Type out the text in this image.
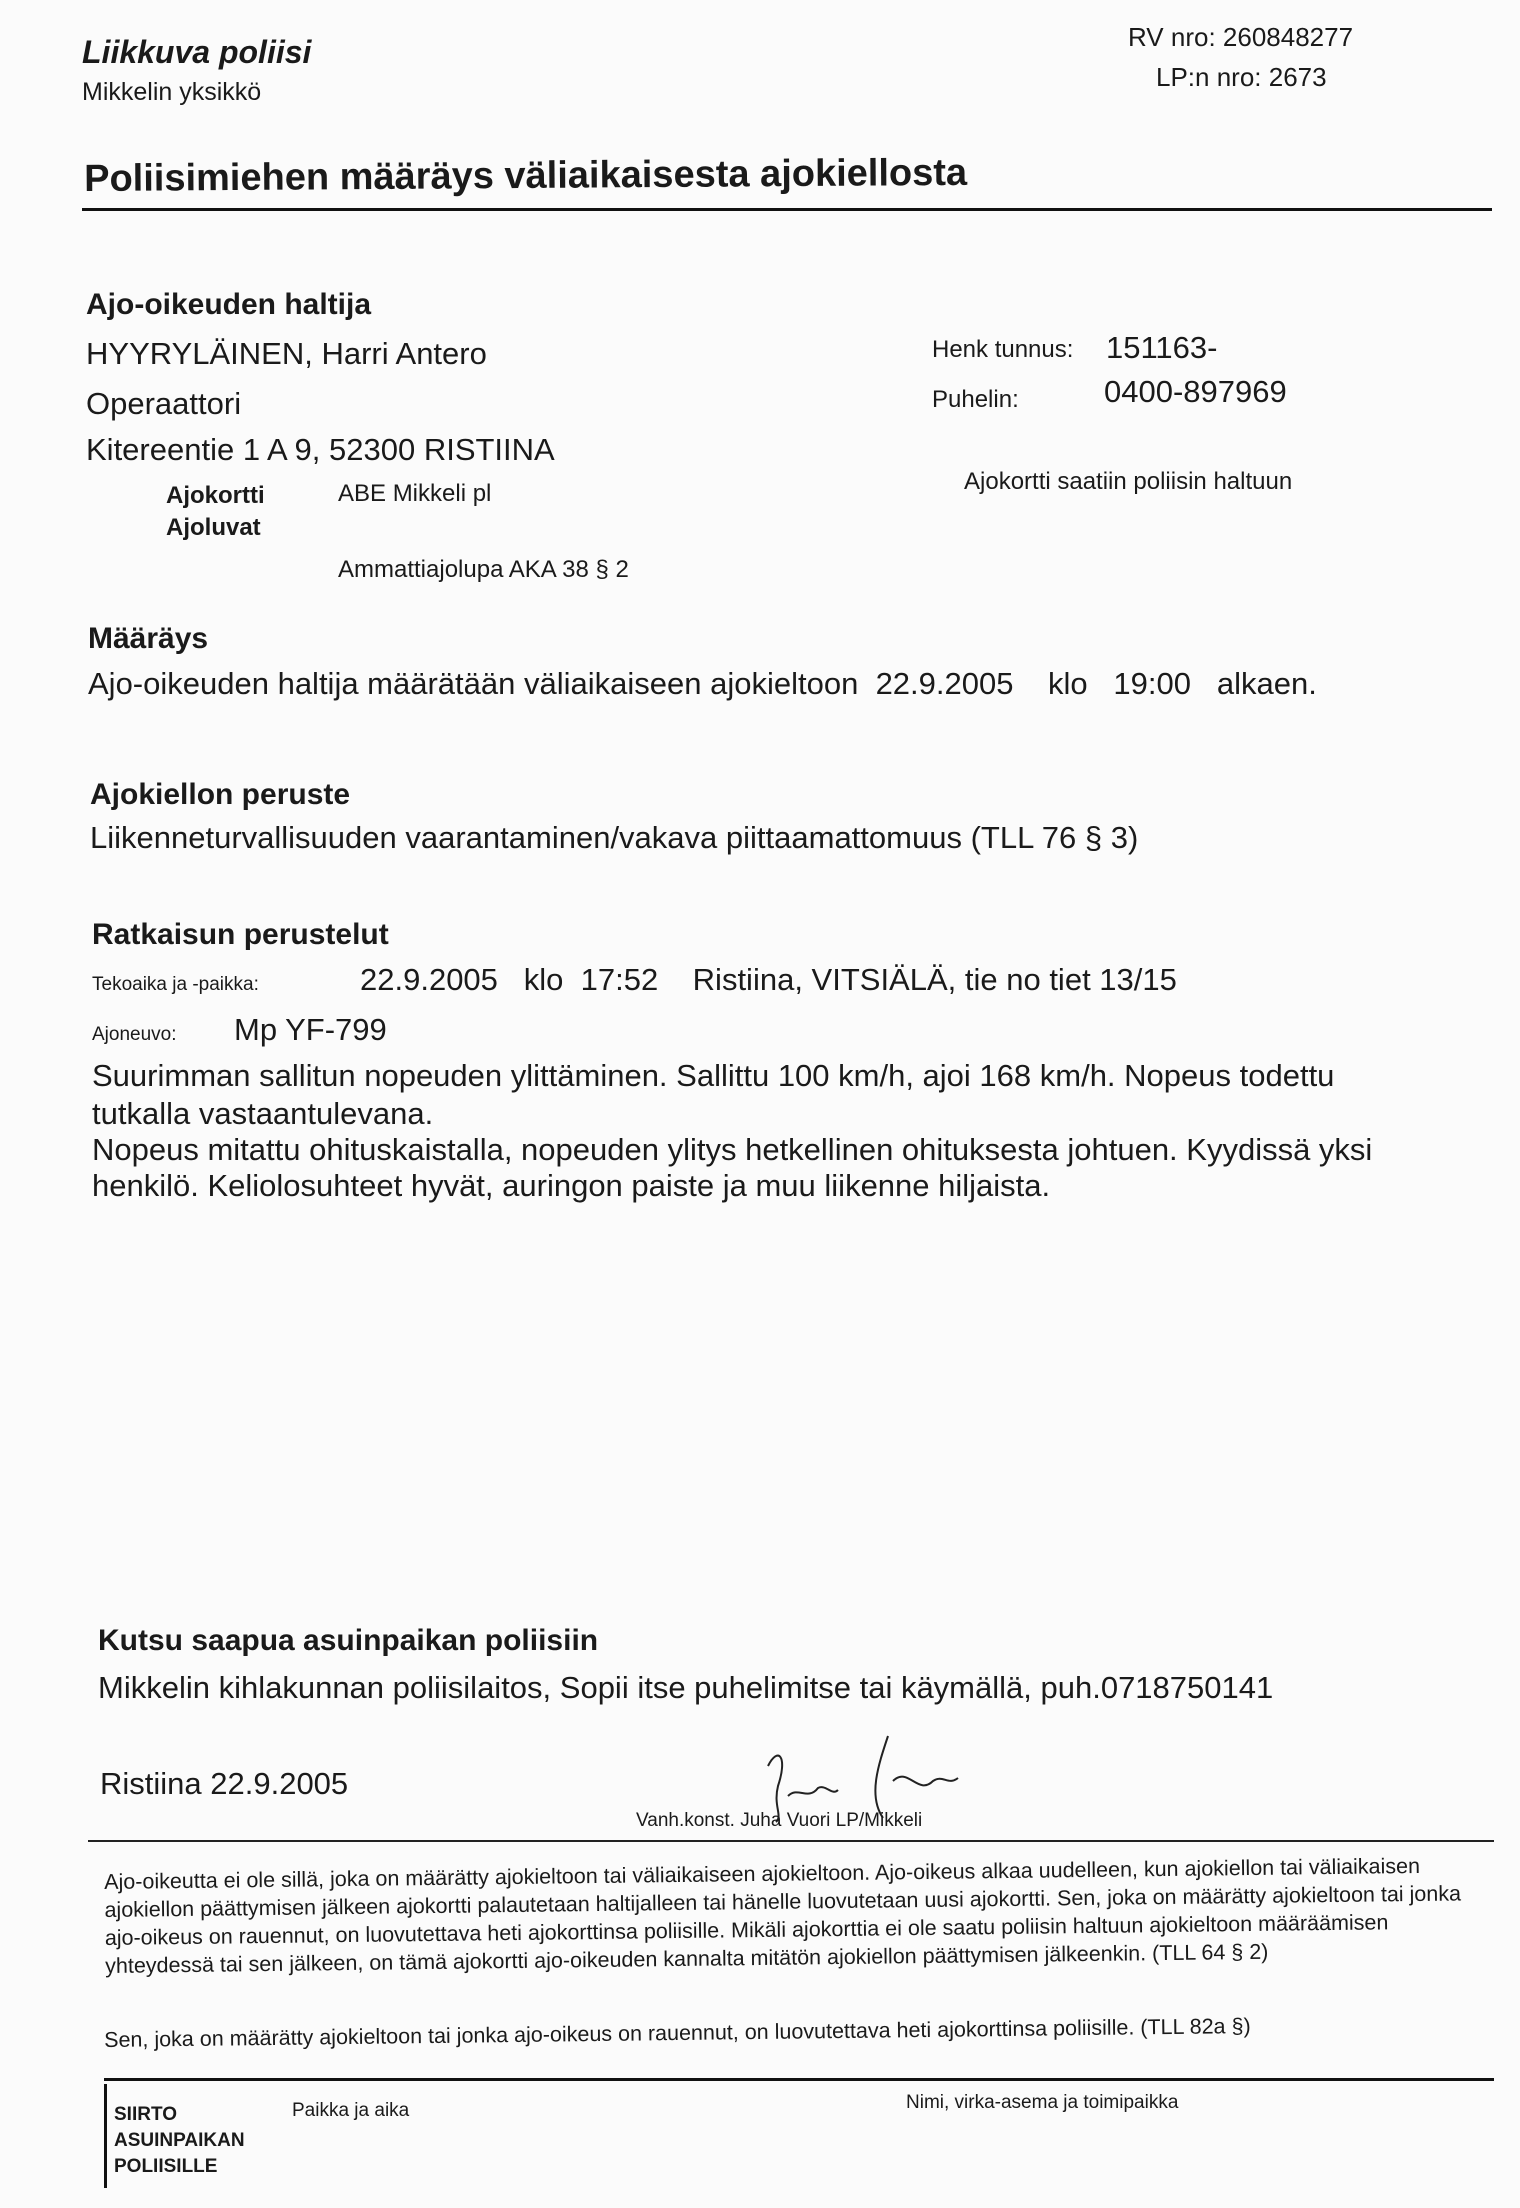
Liikkuva poliisi
Mikkelin yksikkö
RV nro: 260848277
LP:n nro: 2673
Poliisimiehen määräys väliaikaisesta ajokiellosta
Ajo-oikeuden haltija
HYYRYLÄINEN, Harri Antero
Operaattori
Kitereentie 1 A 9, 52300 RISTIINA
Ajokortti	ABE Mikkeli pl
Ajoluvat
Ammattiajolupa AKA 38 § 2
Henk tunnus: 151163-
Puhelin:	0400-897969
Ajokortti saatiin poliisin haltuun
Määräys
Ajo-oikeuden haltija määrätään väliaikaiseen ajokieltoon 22.9.2005 klo 19:00 alkaen.
Ajokiellon peruste
Liikenneturvallisuuden vaarantaminen/vakava piittaamattomuus (TLL 76 § 3)
Ratkaisun perustelut
Tekoaika ja -paikka:	22.9.2005 klo 17:52 Ristiina, VITSIÄLÄ, tie no tiet 13/15
Ajoneuvo: Mp YF-799
Suurimman sallitun nopeuden ylittäminen. Sallittu 100 km/h, ajoi 168 km/h. Nopeus todettu
tutkalla vastaantulevana.
Nopeus mitattu ohituskaistalla, nopeuden ylitys hetkellinen ohituksesta johtuen. Kyydissä yksi
henkilö. Keliolosuhteet hyvät, auringon paiste ja muu liikenne hiljaista.
Kutsu saapua asuinpaikan poliisiin
Mikkelin kihlakunnan poliisilaitos, Sopii itse puhelimitse tai käymällä, puh.0718750141
Ristiina 22.9.2005
Vanh.konst. Juha Vuori LP/Mikkeli
Ajo-oikeutta ei ole sillä, joka on määrätty ajokieltoon tai väliaikaiseen ajokieltoon. Ajo-oikeus alkaa uudelleen, kun ajokiellon tai väliaikaisen ajokiellon päättymisen jälkeen ajokortti palautetaan haltijalleen tai hänelle luovutetaan uusi ajokortti. Sen, joka on määrätty ajokieltoon tai jonka ajo-oikeus on rauennut, on luovutettava heti ajokorttinsa poliisille. Mikäli ajokorttia ei ole saatu poliisin haltuun ajokieltoon määräämisen yhteydessä tai sen jälkeen, on tämä ajokortti ajo-oikeuden kannalta mitätön ajokiellon päättymisen jälkeenkin. (TLL 64 § 2)
Sen, joka on määrätty ajokieltoon tai jonka ajo-oikeus on rauennut, on luovutettava heti ajokorttinsa poliisille. (TLL 82a §)
SIIRTO
ASUINPAIKAN
POLIISILLE
Paikka ja aika	Nimi, virka-asema ja toimipaikka
